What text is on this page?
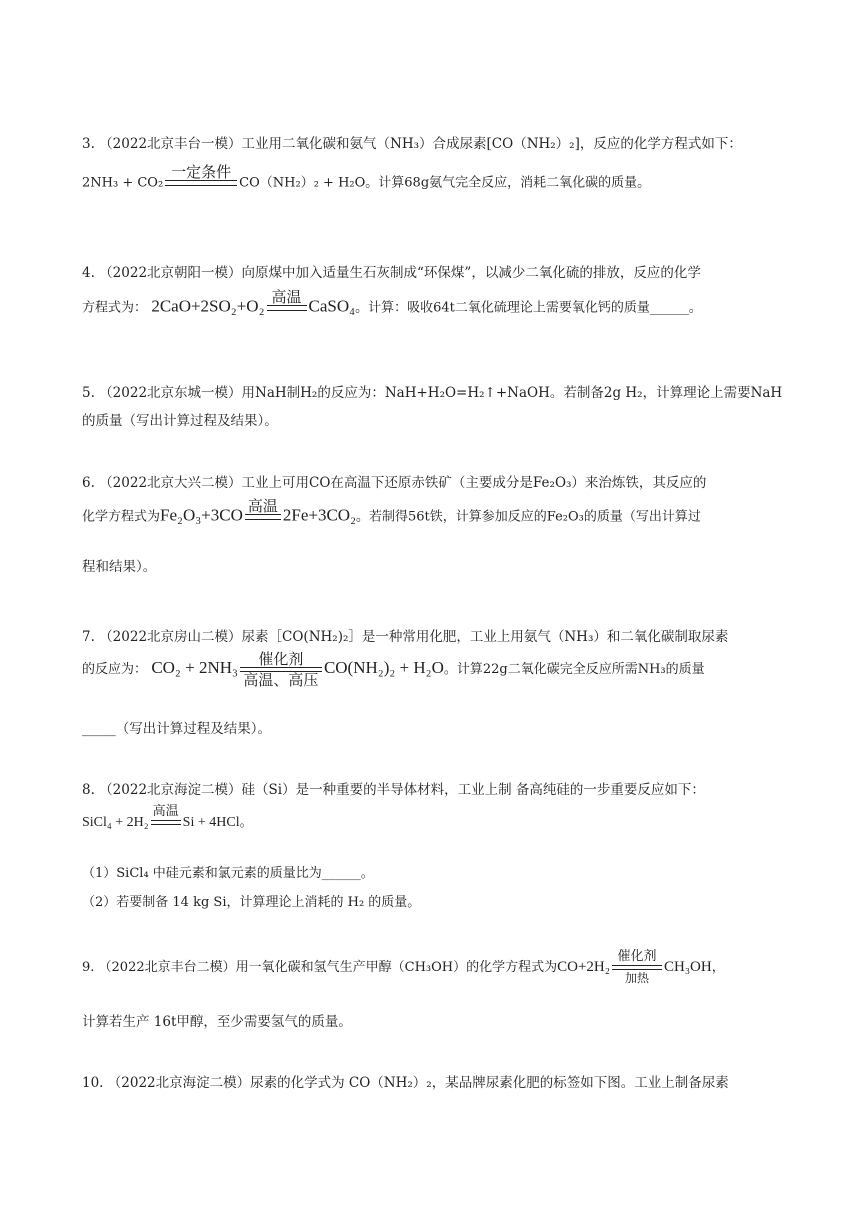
3. （2022北京丰台一模）工业用二氧化碳和氨气（NH₃）合成尿素[CO（NH₂）₂]，反应的化学方程式如下：
2NH₃ + CO₂
一定条件

CO（NH₂）₂ + H₂O。计算68g氨气完全反应，消耗二氧化碳的质量。
4. （2022北京朝阳一模）向原煤中加入适量生石灰制成“环保煤”，以减少二氧化硫的排放，反应的化学
方程式为： 2CaO+2SO₂+O₂ 高温
CaSO₄。计算：吸收64t二氧化硫理论上需要氧化钙的质量______。
5. （2022北京东城一模）用NaH制H₂的反应为：NaH+H₂O=H₂↑+NaOH。若制备2g H₂，计算理论上需要NaH
的质量（写出计算过程及结果）。
6. （2022北京大兴二模）工业上可用CO在高温下还原赤铁矿（主要成分是Fe₂O₃）来治炼铁，其反应的
化学方程式为Fe₂O₃+3CO 高温
2Fe+3CO₂。若制得56t铁，计算参加反应的Fe₂O₃的质量（写出计算过
程和结果）。
7. （2022北京房山二模）尿素［CO(NH₂)₂］是一种常用化肥，工业上用氨气（NH₃）和二氧化碳制取尿素
的反应为： CO₂ + 2NH₃	催化剂
高温、高压
CO(NH₂)₂ + H₂O。计算22g二氧化碳完全反应所需NH₃的质量
_____（写出计算过程及结果）。
8. （2022北京海淀二模）硅（Si）是一种重要的半导体材料，工业上制 备高纯硅的一步重要反应如下：
SiCl₄ + 2H₂
高温

Si + 4HCl。
（1）SiCl₄ 中硅元素和氯元素的质量比为______。
（2）若要制备 14 kg Si，计算理论上消耗的 H₂ 的质量。
9. （2022北京丰台二模）用一氧化碳和氢气生产甲醇（CH₃OH）的化学方程式为CO+2H₂
催化剂
加热
CH₃OH，
计算若生产 16t甲醇，至少需要氢气的质量。
10. （2022北京海淀二模）尿素的化学式为 CO（NH₂）₂，某品牌尿素化肥的标签如下图。工业上制备尿素
